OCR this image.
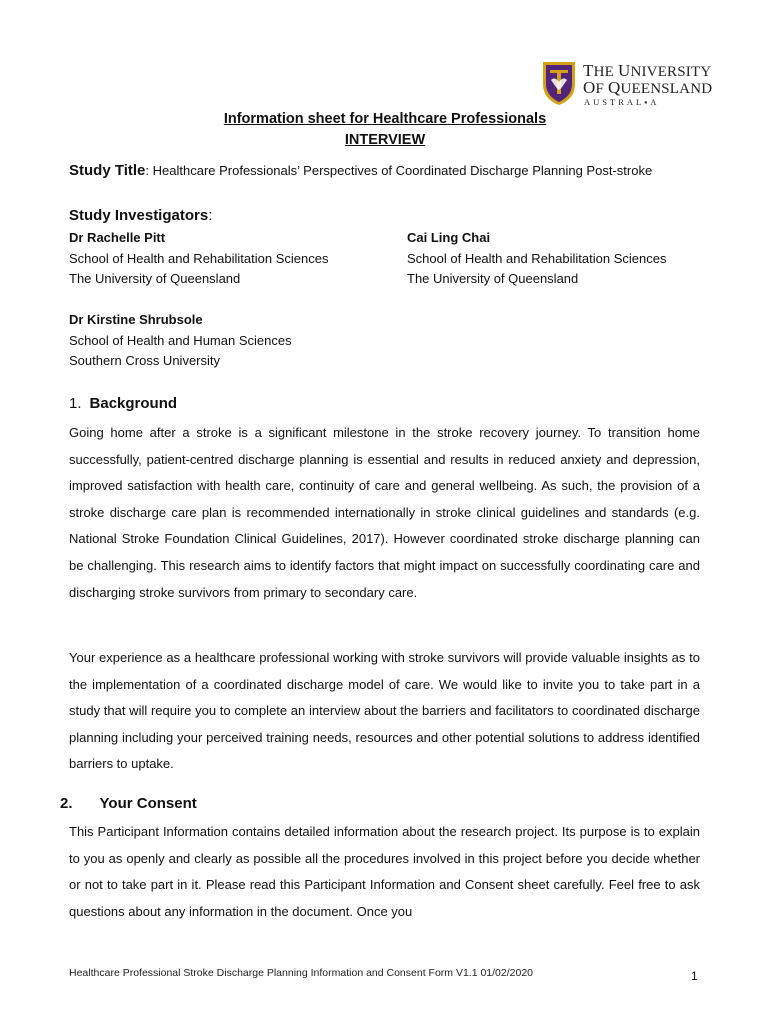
THE UNIVERSITY
OF QUEENSLAND
AUSTRAL▪A
Information sheet for Healthcare Professionals
INTERVIEW
Study Title: Healthcare Professionals’ Perspectives of Coordinated Discharge Planning Post-stroke
Study Investigators:
Dr Rachelle Pitt
School of Health and Rehabilitation Sciences
The University of Queensland
Cai Ling Chai
School of Health and Rehabilitation Sciences
The University of Queensland
Dr Kirstine Shrubsole
School of Health and Human Sciences
Southern Cross University
1. Background
Going home after a stroke is a significant milestone in the stroke recovery journey. To transition home successfully, patient-centred discharge planning is essential and results in reduced anxiety and depression, improved satisfaction with health care, continuity of care and general wellbeing. As such, the provision of a stroke discharge care plan is recommended internationally in stroke clinical guidelines and standards (e.g. National Stroke Foundation Clinical Guidelines, 2017). However coordinated stroke discharge planning can be challenging. This research aims to identify factors that might impact on successfully coordinating care and discharging stroke survivors from primary to secondary care.
Your experience as a healthcare professional working with stroke survivors will provide valuable insights as to the implementation of a coordinated discharge model of care. We would like to invite you to take part in a study that will require you to complete an interview about the barriers and facilitators to coordinated discharge planning including your perceived training needs, resources and other potential solutions to address identified barriers to uptake.
2. Your Consent
This Participant Information contains detailed information about the research project. Its purpose is to explain to you as openly and clearly as possible all the procedures involved in this project before you decide whether or not to take part in it. Please read this Participant Information and Consent sheet carefully. Feel free to ask questions about any information in the document. Once you
Healthcare Professional Stroke Discharge Planning Information and Consent Form V1.1 01/02/2020	1
